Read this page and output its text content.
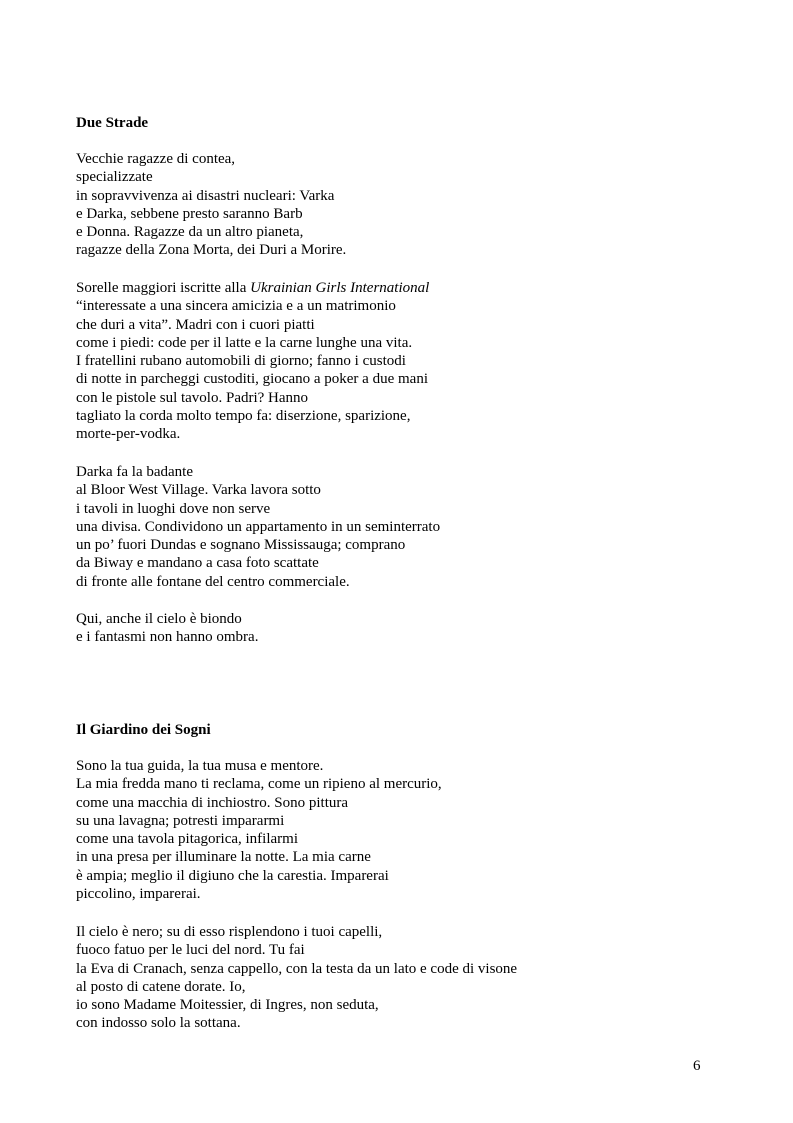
Due Strade
Vecchie ragazze di contea,
specializzate
in sopravvivenza ai disastri nucleari: Varka
e Darka, sebbene presto saranno Barb
e Donna. Ragazze da un altro pianeta,
ragazze della Zona Morta, dei Duri a Morire.
Sorelle maggiori iscritte alla Ukrainian Girls International
“interessate a una sincera amicizia e a un matrimonio
che duri a vita”. Madri con i cuori piatti
come i piedi: code per il latte e la carne lunghe una vita.
I fratellini rubano automobili di giorno; fanno i custodi
di notte in parcheggi custoditi, giocano a poker a due mani
con le pistole sul tavolo. Padri? Hanno
tagliato la corda molto tempo fa: diserzione, sparizione,
morte-per-vodka.
Darka fa la badante
al Bloor West Village. Varka lavora sotto
i tavoli in luoghi dove non serve
una divisa. Condividono un appartamento in un seminterrato
un po’ fuori Dundas e sognano Mississauga; comprano
da Biway e mandano a casa foto scattate
di fronte alle fontane del centro commerciale.
Qui, anche il cielo è biondo
e i fantasmi non hanno ombra.
Il Giardino dei Sogni
Sono la tua guida, la tua musa e mentore.
La mia fredda mano ti reclama, come un ripieno al mercurio,
come una macchia di inchiostro. Sono pittura
su una lavagna; potresti impararmi
come una tavola pitagorica, infilarmi
in una presa per illuminare la notte. La mia carne
è ampia; meglio il digiuno che la carestia. Imparerai
piccolino, imparerai.
Il cielo è nero; su di esso risplendono i tuoi capelli,
fuoco fatuo per le luci del nord. Tu fai
la Eva di Cranach, senza cappello, con la testa da un lato e code di visone
al posto di catene dorate. Io,
io sono Madame Moitessier, di Ingres, non seduta,
con indosso solo la sottana.
6
